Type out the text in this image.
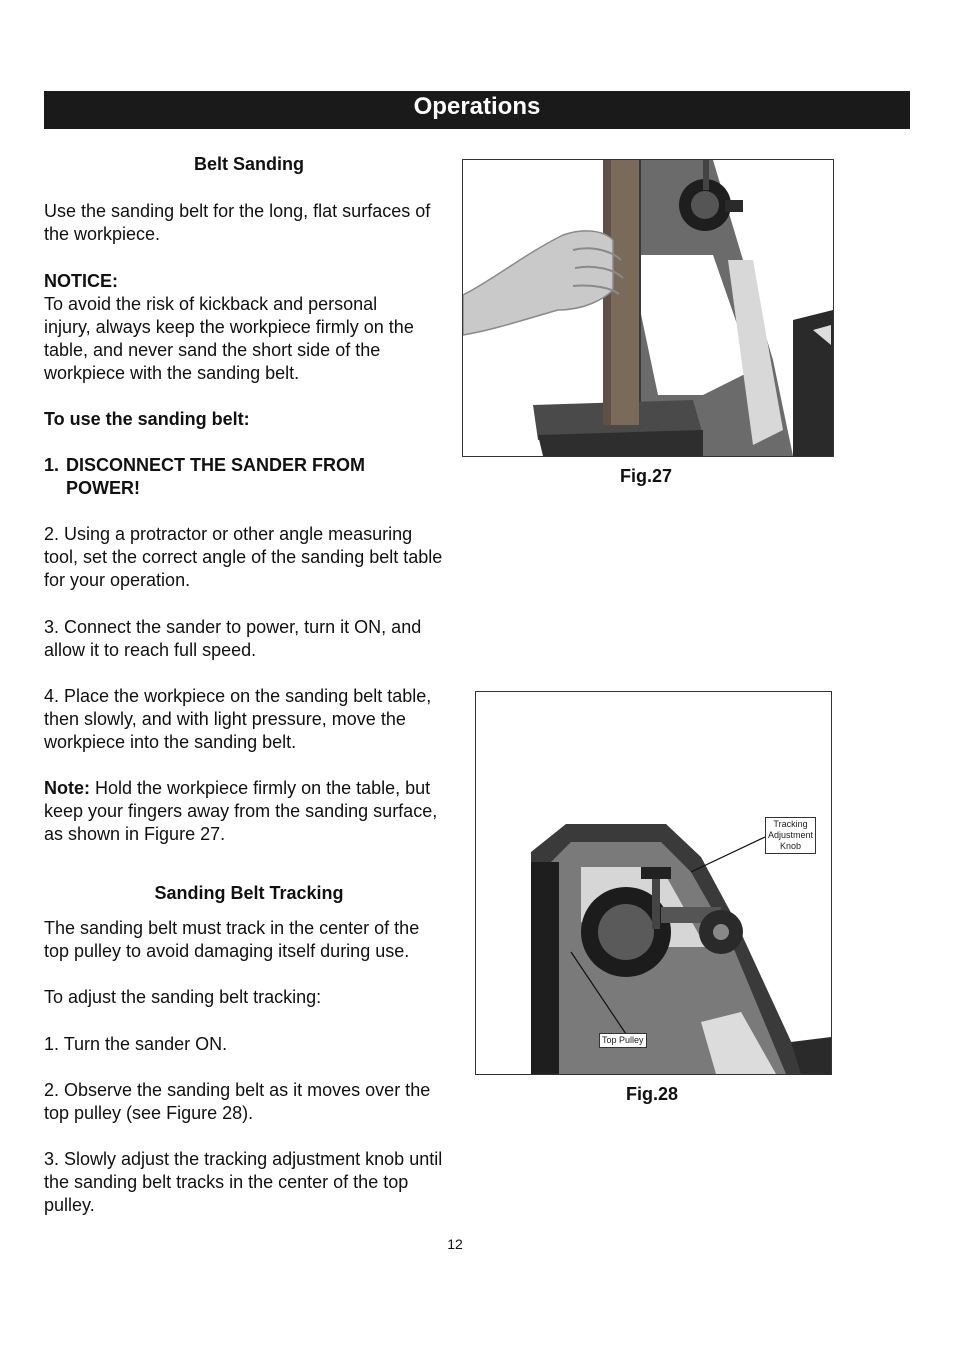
Operations
Belt Sanding

Use the sanding belt for the long, flat surfaces of the workpiece.

NOTICE:

To avoid the risk of kickback and personal injury, always keep the workpiece firmly on the table, and never sand the short side of the workpiece with the sanding belt.

To use the sanding belt:
1. DISCONNECT THE SANDER FROM POWER!

2. Using a protractor or other angle measuring tool, set the correct angle of the sanding belt table for your operation.

3. Connect the sander to power, turn it ON, and allow it to reach full speed.

4. Place the workpiece on the sanding belt table, then slowly, and with light pressure, move the workpiece into the sanding belt.

Note: Hold the workpiece firmly on the table, but keep your fingers away from the sanding surface, as shown in Figure 27.

Sanding Belt Tracking

The sanding belt must track in the center of the top pulley to avoid damaging itself during use.

To adjust the sanding belt tracking:

1. Turn the sander ON.

2. Observe the sanding belt as it moves over the top pulley (see Figure 28).

3. Slowly adjust the tracking adjustment knob until the sanding belt tracks in the center of the top pulley.

Fig.27
Tracking Adjustment Knob
Top Pulley
Fig.28
12
